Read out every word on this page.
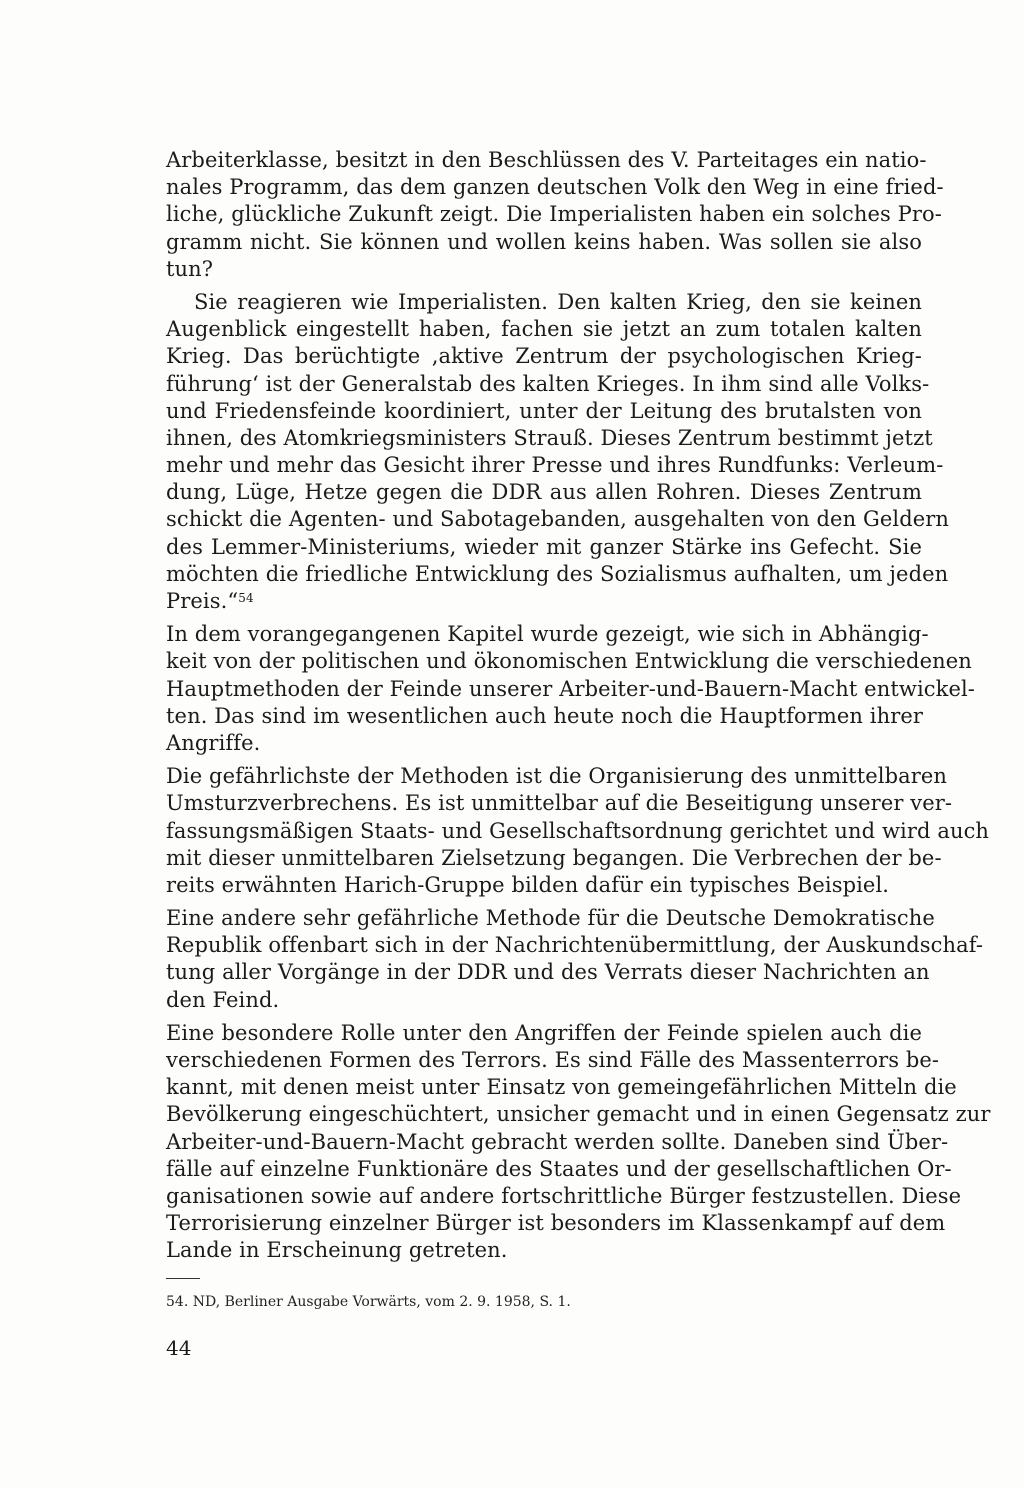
Arbeiterklasse, besitzt in den Beschlüssen des V. Parteitages ein natio-
nales Programm, das dem ganzen deutschen Volk den Weg in eine fried-
liche, glückliche Zukunft zeigt. Die Imperialisten haben ein solches Pro-
gramm nicht. Sie können und wollen keins haben. Was sollen sie also
tun?
Sie reagieren wie Imperialisten. Den kalten Krieg, den sie keinen
Augenblick eingestellt haben, fachen sie jetzt an zum totalen kalten
Krieg. Das berüchtigte ‚aktive Zentrum der psychologischen Krieg-
führung‘ ist der Generalstab des kalten Krieges. In ihm sind alle Volks-
und Friedensfeinde koordiniert, unter der Leitung des brutalsten von
ihnen, des Atomkriegsministers Strauß. Dieses Zentrum bestimmt jetzt
mehr und mehr das Gesicht ihrer Presse und ihres Rundfunks: Verleum-
dung, Lüge, Hetze gegen die DDR aus allen Rohren. Dieses Zentrum
schickt die Agenten- und Sabotagebanden, ausgehalten von den Geldern
des Lemmer-Ministeriums, wieder mit ganzer Stärke ins Gefecht. Sie
möchten die friedliche Entwicklung des Sozialismus aufhalten, um jeden
Preis.“$^{54}$
In dem vorangegangenen Kapitel wurde gezeigt, wie sich in Abhängig-
keit von der politischen und ökonomischen Entwicklung die verschiedenen
Hauptmethoden der Feinde unserer Arbeiter-und-Bauern-Macht entwickel-
ten. Das sind im wesentlichen auch heute noch die Hauptformen ihrer
Angriffe.
Die gefährlichste der Methoden ist die Organisierung des unmittelbaren
Umsturzverbrechens. Es ist unmittelbar auf die Beseitigung unserer ver-
fassungsmäßigen Staats- und Gesellschaftsordnung gerichtet und wird auch
mit dieser unmittelbaren Zielsetzung begangen. Die Verbrechen der be-
reits erwähnten Harich-Gruppe bilden dafür ein typisches Beispiel.
Eine andere sehr gefährliche Methode für die Deutsche Demokratische
Republik offenbart sich in der Nachrichtenübermittlung, der Auskundschaf-
tung aller Vorgänge in der DDR und des Verrats dieser Nachrichten an
den Feind.
Eine besondere Rolle unter den Angriffen der Feinde spielen auch die
verschiedenen Formen des Terrors. Es sind Fälle des Massenterrors be-
kannt, mit denen meist unter Einsatz von gemeingefährlichen Mitteln die
Bevölkerung eingeschüchtert, unsicher gemacht und in einen Gegensatz zur
Arbeiter-und-Bauern-Macht gebracht werden sollte. Daneben sind Über-
fälle auf einzelne Funktionäre des Staates und der gesellschaftlichen Or-
ganisationen sowie auf andere fortschrittliche Bürger festzustellen. Diese
Terrorisierung einzelner Bürger ist besonders im Klassenkampf auf dem
Lande in Erscheinung getreten.
54. ND, Berliner Ausgabe Vorwärts, vom 2. 9. 1958, S. 1.
44
